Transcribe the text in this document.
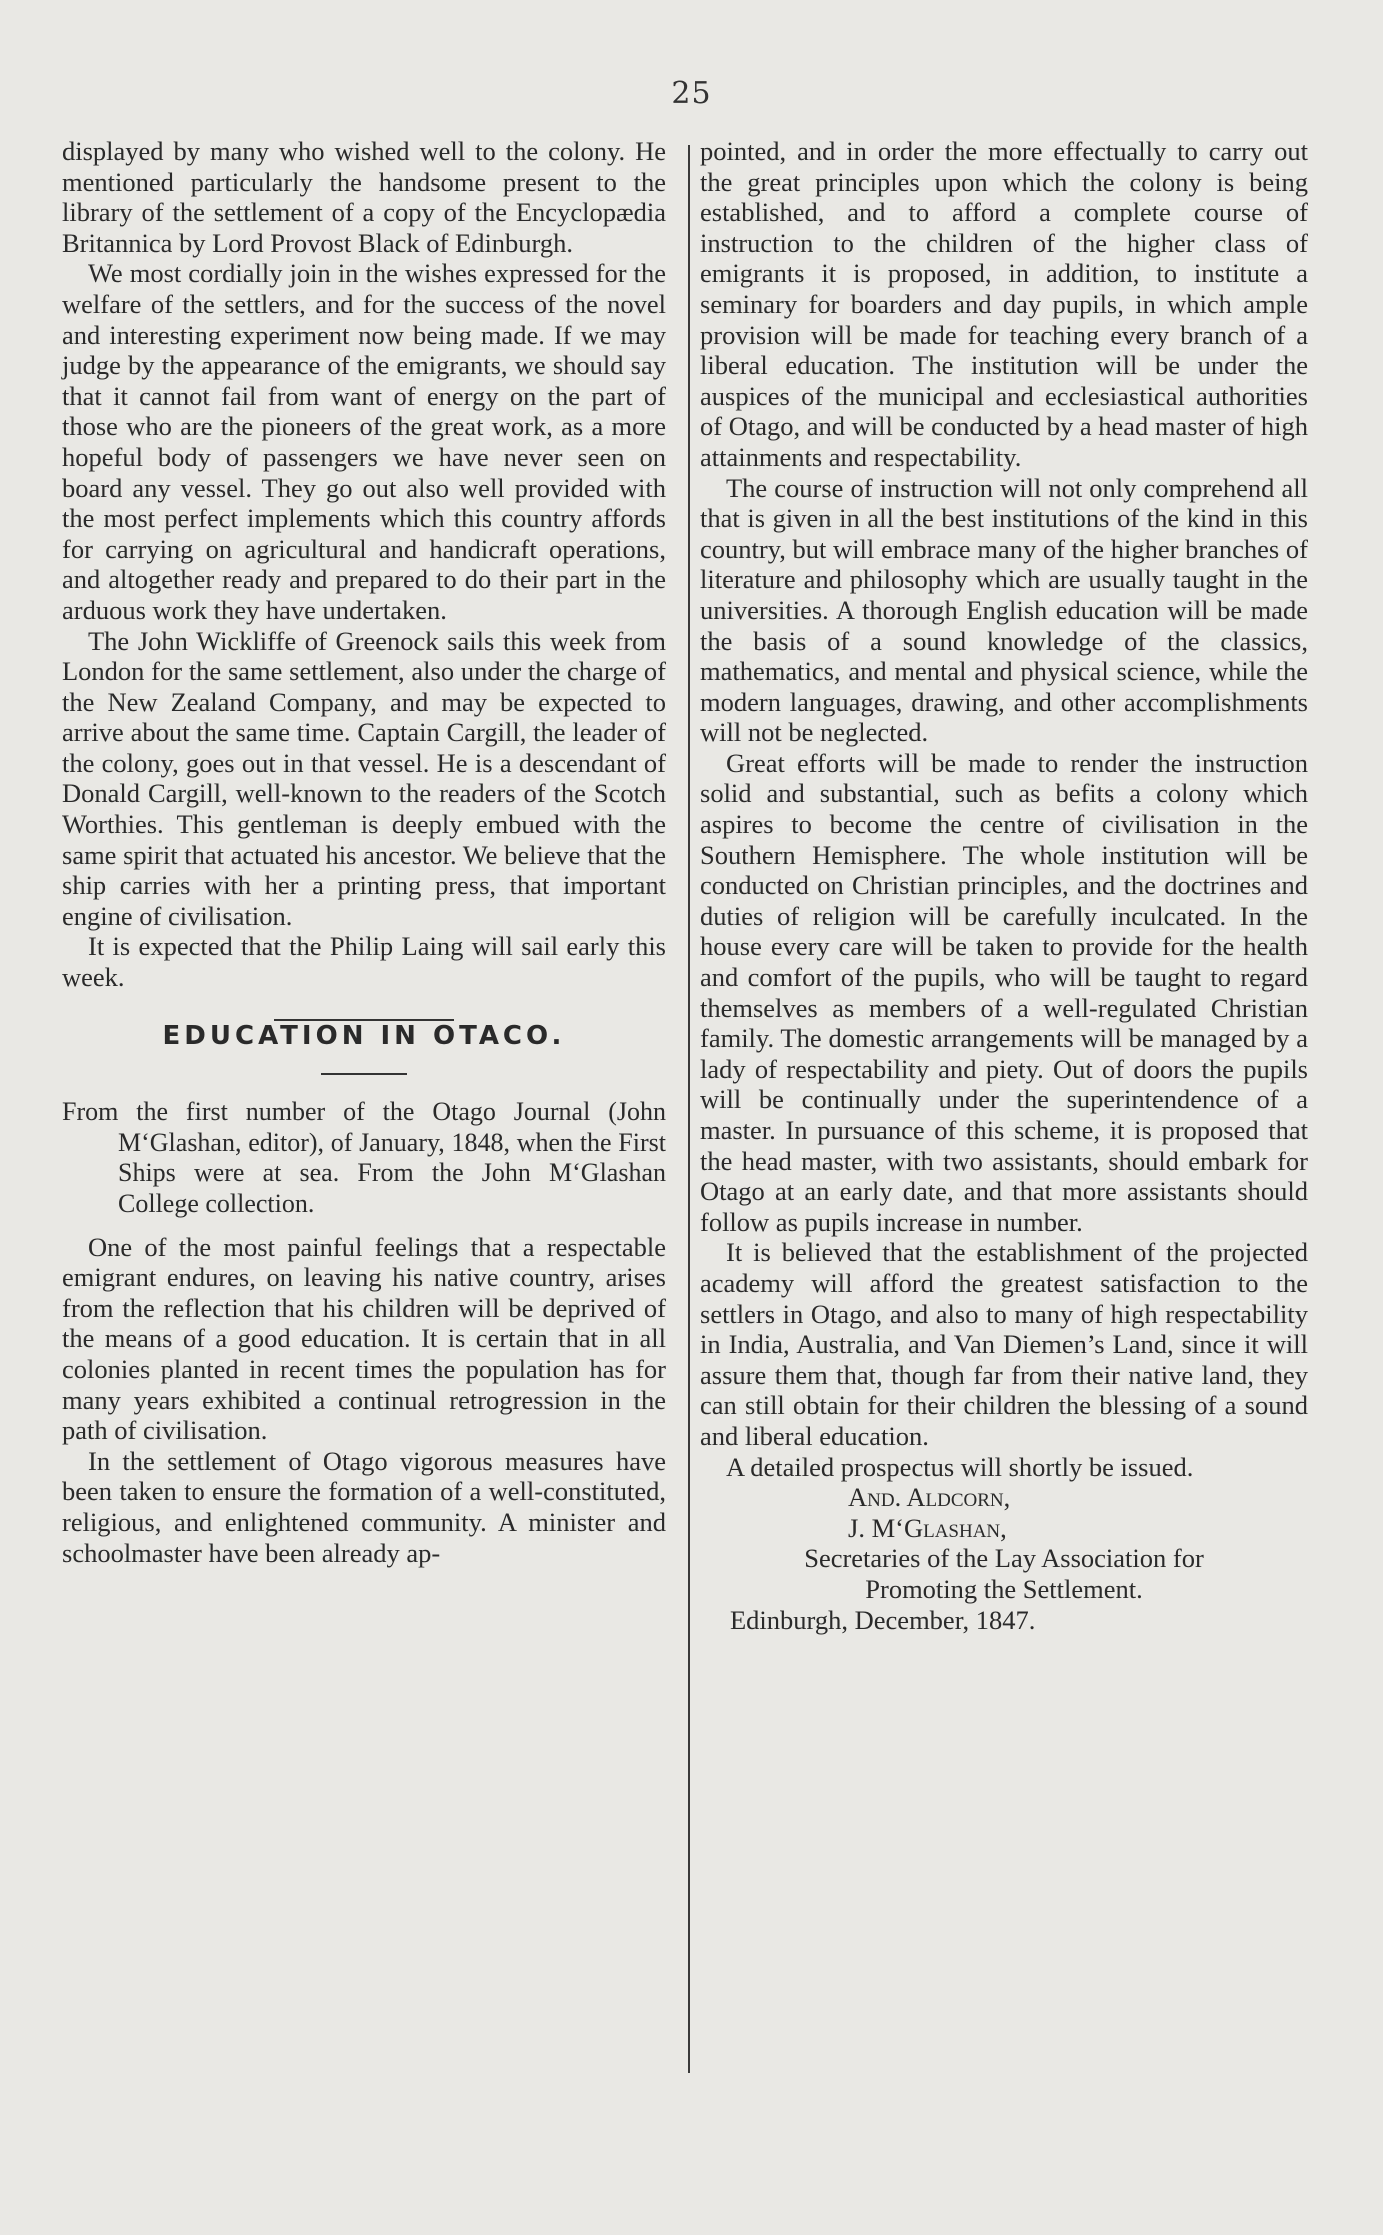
25

displayed by many who wished well to the colony. He mentioned particularly the handsome present to the library of the settlement of a copy of the Encyclopædia Britannica by Lord Provost Black of Edinburgh.

We most cordially join in the wishes expressed for the welfare of the settlers, and for the success of the novel and interesting experiment now being made. If we may judge by the appearance of the emigrants, we should say that it cannot fail from want of energy on the part of those who are the pioneers of the great work, as a more hopeful body of passengers we have never seen on board any vessel. They go out also well provided with the most perfect implements which this country affords for carrying on agricultural and handicraft operations, and altogether ready and prepared to do their part in the arduous work they have undertaken.

The John Wickliffe of Greenock sails this week from London for the same settlement, also under the charge of the New Zealand Company, and may be expected to arrive about the same time. Captain Cargill, the leader of the colony, goes out in that vessel. He is a descendant of Donald Cargill, well-known to the readers of the Scotch Worthies. This gentleman is deeply embued with the same spirit that actuated his ancestor. We believe that the ship carries with her a printing press, that important engine of civilisation.

It is expected that the Philip Laing will sail early this week.

EDUCATION IN OTACO.

From the first number of the Otago Journal (John M‘Glashan, editor), of January, 1848, when the First Ships were at sea. From the John M‘Glashan College collection.

One of the most painful feelings that a respectable emigrant endures, on leaving his native country, arises from the reflection that his children will be deprived of the means of a good education. It is certain that in all colonies planted in recent times the population has for many years exhibited a continual retrogression in the path of civilisation.

In the settlement of Otago vigorous measures have been taken to ensure the formation of a well-constituted, religious, and enlightened community. A minister and schoolmaster have been already ap-

pointed, and in order the more effectually to carry out the great principles upon which the colony is being established, and to afford a complete course of instruction to the children of the higher class of emigrants it is proposed, in addition, to institute a seminary for boarders and day pupils, in which ample provision will be made for teaching every branch of a liberal education. The institution will be under the auspices of the municipal and ecclesiastical authorities of Otago, and will be conducted by a head master of high attainments and respectability.

The course of instruction will not only comprehend all that is given in all the best institutions of the kind in this country, but will embrace many of the higher branches of literature and philosophy which are usually taught in the universities. A thorough English education will be made the basis of a sound knowledge of the classics, mathematics, and mental and physical science, while the modern languages, drawing, and other accomplishments will not be neglected.

Great efforts will be made to render the instruction solid and substantial, such as befits a colony which aspires to become the centre of civilisation in the Southern Hemisphere. The whole institution will be conducted on Christian principles, and the doctrines and duties of religion will be carefully inculcated. In the house every care will be taken to provide for the health and comfort of the pupils, who will be taught to regard themselves as members of a well-regulated Christian family. The domestic arrangements will be managed by a lady of respectability and piety. Out of doors the pupils will be continually under the superintendence of a master. In pursuance of this scheme, it is proposed that the head master, with two assistants, should embark for Otago at an early date, and that more assistants should follow as pupils increase in number.

It is believed that the establishment of the projected academy will afford the greatest satisfaction to the settlers in Otago, and also to many of high respectability in India, Australia, and Van Diemen’s Land, since it will assure them that, though far from their native land, they can still obtain for their children the blessing of a sound and liberal education.

A detailed prospectus will shortly be issued.

And. Aldcorn,

J. M‘Glashan,

Secretaries of the Lay Association for

Promoting the Settlement.

Edinburgh, December, 1847.
